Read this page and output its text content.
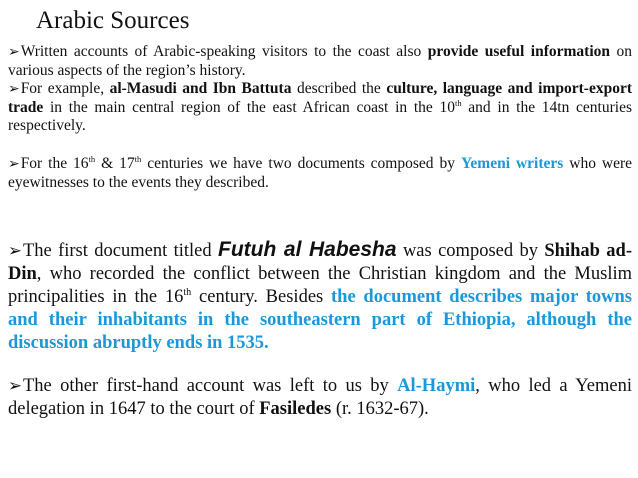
Arabic Sources
➢Written accounts of Arabic-speaking visitors to the coast also provide useful information on various aspects of the region’s history.
➢For example, al-Masudi and Ibn Battuta described the culture, language and import-export trade in the main central region of the east African coast in the 10th and in the 14tn centuries respectively.
➢For the 16th & 17th centuries we have two documents composed by Yemeni writers who were eyewitnesses to the events they described.
➢The first document titled Futuh al Habesha was composed by Shihab ad-Din, who recorded the conflict between the Christian kingdom and the Muslim principalities in the 16th century. Besides the document describes major towns and their inhabitants in the southeastern part of Ethiopia, although the discussion abruptly ends in 1535.
➢The other first-hand account was left to us by Al-Haymi, who led a Yemeni delegation in 1647 to the court of Fasiledes (r. 1632-67).
